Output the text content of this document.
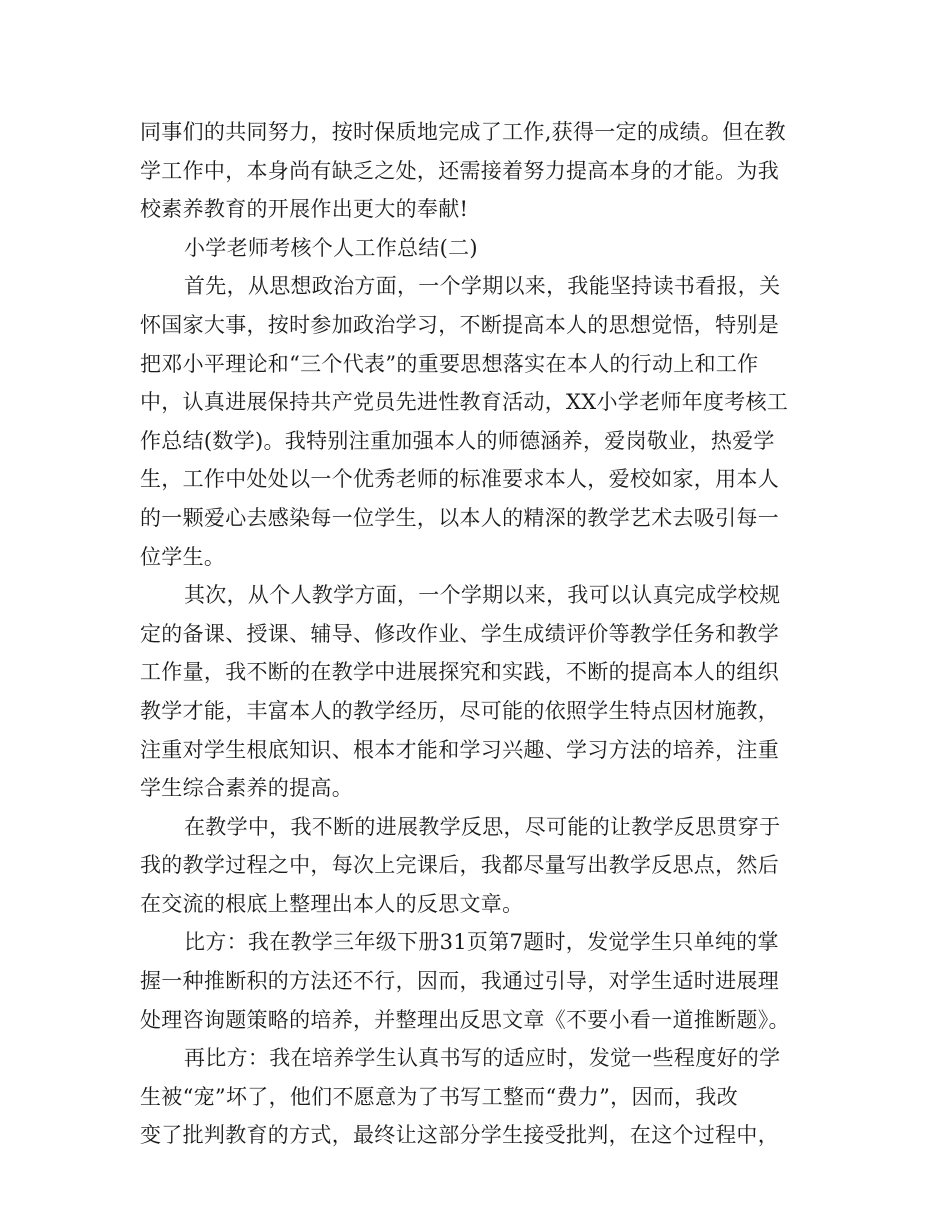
同事们的共同努力，按时保质地完成了工作,获得一定的成绩。但在教
学工作中，本身尚有缺乏之处，还需接着努力提高本身的才能。为我
校素养教育的开展作出更大的奉献!
小学老师考核个人工作总结(二)
首先，从思想政治方面，一个学期以来，我能坚持读书看报，关
怀国家大事，按时参加政治学习，不断提高本人的思想觉悟，特别是
把邓小平理论和“三个代表”的重要思想落实在本人的行动上和工作
中，认真进展保持共产党员先进性教育活动，XX小学老师年度考核工
作总结(数学)。我特别注重加强本人的师德涵养，爱岗敬业，热爱学
生，工作中处处以一个优秀老师的标准要求本人，爱校如家，用本人
的一颗爱心去感染每一位学生，以本人的精深的教学艺术去吸引每一
位学生。
其次，从个人教学方面，一个学期以来，我可以认真完成学校规
定的备课、授课、辅导、修改作业、学生成绩评价等教学任务和教学
工作量，我不断的在教学中进展探究和实践，不断的提高本人的组织
教学才能，丰富本人的教学经历，尽可能的依照学生特点因材施教，
注重对学生根底知识、根本才能和学习兴趣、学习方法的培养，注重
学生综合素养的提高。
在教学中，我不断的进展教学反思，尽可能的让教学反思贯穿于
我的教学过程之中，每次上完课后，我都尽量写出教学反思点，然后
在交流的根底上整理出本人的反思文章。
比方：我在教学三年级下册31页第7题时，发觉学生只单纯的掌
握一种推断积的方法还不行，因而，我通过引导，对学生适时进展理
处理咨询题策略的培养，并整理出反思文章《不要小看一道推断题》。
再比方：我在培养学生认真书写的适应时，发觉一些程度好的学
生被“宠”坏了，他们不愿意为了书写工整而“费力”，因而，我改
变了批判教育的方式，最终让这部分学生接受批判，在这个过程中，
